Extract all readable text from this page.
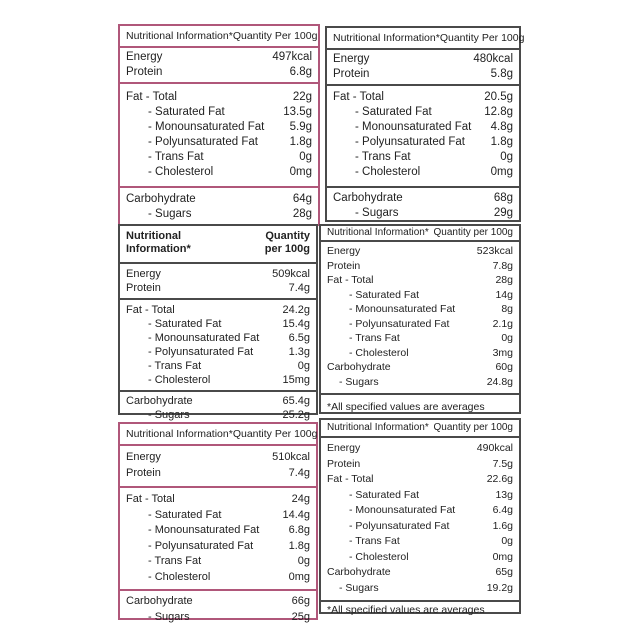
Nutritional Information* Quantity Per 100g
Energy	497kcal
Protein	6.8g
Fat - Total	22g
- Saturated Fat	13.5g
- Monounsaturated Fat 5.9g
- Polyunsaturated Fat	1.8g
- Trans Fat	0g
- Cholesterol	0mg
Carbohydrate	64g
- Sugars	28g
Nutritional Information* Quantity Per 100g
Energy	480kcal
Protein	5.8g
Fat - Total	20.5g
- Saturated Fat	12.8g
- Monounsaturated Fat 4.8g
- Polyunsaturated Fat 1.8g
- Trans Fat	0g
- Cholesterol	0mg
Carbohydrate	68g
- Sugars	29g
Nutritional
Information*
Quantity
per 100g
Energy	509kcal
Protein	7.4g
Fat - Total	24.2g
- Saturated Fat	15.4g
- Monounsaturated Fat	6.5g
- Polyunsaturated Fat	1.3g
- Trans Fat	0g
- Cholesterol	15mg
Carbohydrate	65.4g
- Sugars	25.2g
Nutritional Information* Quantity per 100g
Energy	523kcal
Protein	7.8g
Fat - Total	28g
- Saturated Fat	14g
- Monounsaturated Fat	8g
- Polyunsaturated Fat	2.1g
- Trans Fat	0g
- Cholesterol	3mg
Carbohydrate	60g
- Sugars	24.8g
*All specified values are averages
Nutritional Information* Quantity Per 100g
Energy	510kcal
Protein	7.4g
Fat - Total	24g
- Saturated Fat	14.4g
- Monounsaturated Fat	6.8g
- Polyunsaturated Fat	1.8g
- Trans Fat	0g
- Cholesterol	0mg
Carbohydrate	66g
- Sugars	25g
Nutritional Information* Quantity per 100g
Energy	490kcal
Protein	7.5g
Fat - Total	22.6g
- Saturated Fat	13g
- Monounsaturated Fat	6.4g
- Polyunsaturated Fat	1.6g
- Trans Fat	0g
- Cholesterol	0mg
Carbohydrate	65g
- Sugars	19.2g
*All specified values are averages
